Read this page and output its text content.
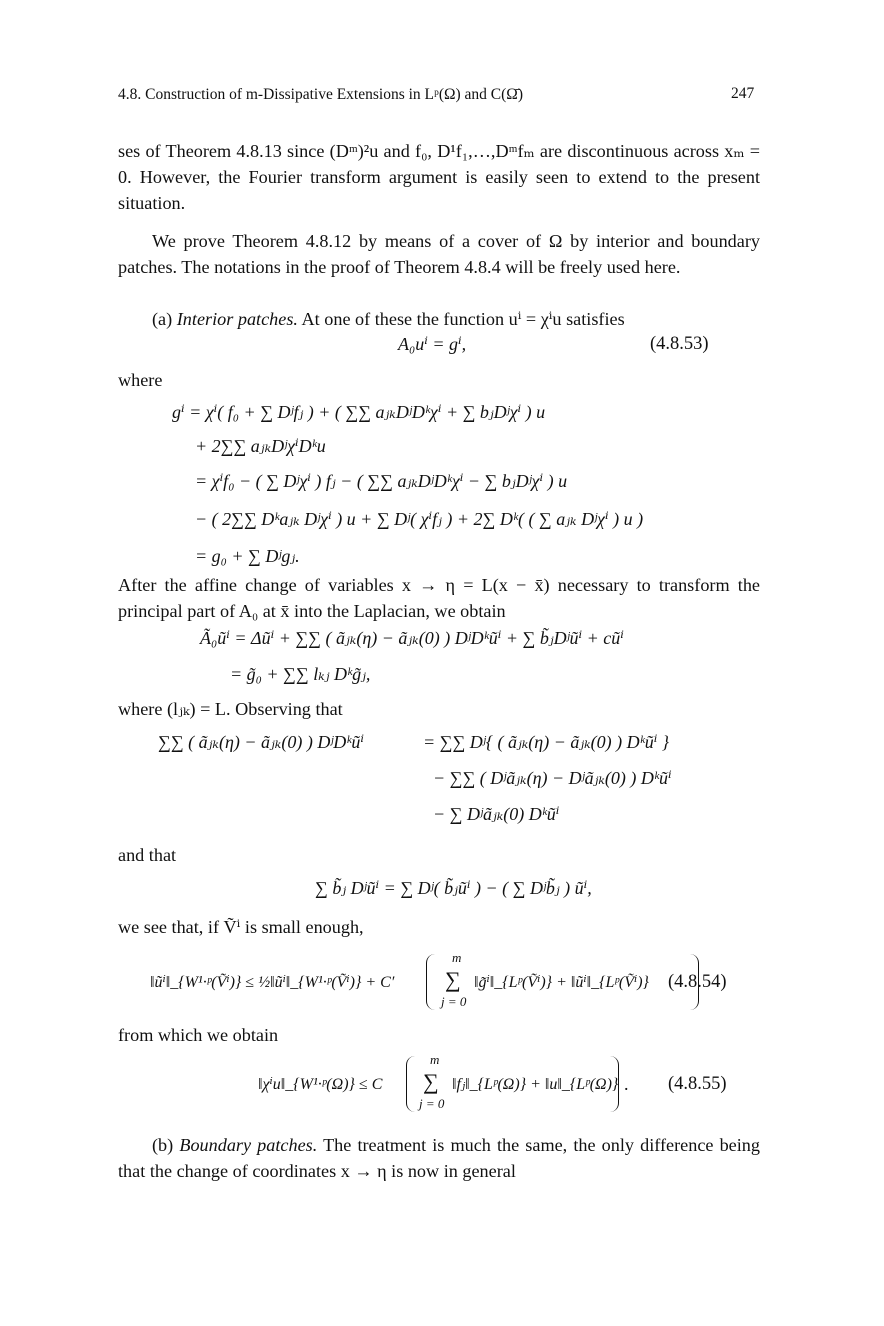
4.8. Construction of m-Dissipative Extensions in Lᵖ(Ω) and C(Ω̄)	247
ses of Theorem 4.8.13 since (Dᵐ)²u and f₀, D¹f₁,…,Dᵐfₘ are discontinuous across xₘ = 0. However, the Fourier transform argument is easily seen to extend to the present situation.
We prove Theorem 4.8.12 by means of a cover of Ω by interior and boundary patches. The notations in the proof of Theorem 4.8.4 will be freely used here.
(a) Interior patches. At one of these the function uⁱ = χⁱu satisfies
A₀uⁱ = gⁱ,	(4.8.53)
where
gⁱ = χⁱ( f₀ + ∑ Dʲfⱼ ) + ( ∑∑ aⱼₖDʲDᵏχⁱ + ∑ bⱼDʲχⁱ ) u
+ 2∑∑ aⱼₖDʲχⁱDᵏu
= χⁱf₀ − ( ∑ Dʲχⁱ ) fⱼ − ( ∑∑ aⱼₖDʲDᵏχⁱ − ∑ bⱼDʲχⁱ ) u
− ( 2∑∑ Dᵏaⱼₖ Dʲχⁱ ) u + ∑ Dʲ( χⁱfⱼ ) + 2∑ Dᵏ( ( ∑ aⱼₖ Dʲχⁱ ) u )
= g₀ + ∑ Dʲgⱼ.
After the affine change of variables x → η = L(x − x̄) necessary to transform the principal part of A₀ at x̄ into the Laplacian, we obtain
Ã₀ũⁱ = Δũⁱ + ∑∑ ( ãⱼₖ(η) − ãⱼₖ(0) ) DʲDᵏũⁱ + ∑ b̃ⱼDʲũⁱ + cũⁱ
= g̃₀ + ∑∑ lₖⱼ Dᵏg̃ⱼ,
where (lⱼₖ) = L. Observing that
∑∑ ( ãⱼₖ(η) − ãⱼₖ(0) ) DʲDᵏũⁱ	= ∑∑ Dʲ{ ( ãⱼₖ(η) − ãⱼₖ(0) ) Dᵏũⁱ }
− ∑∑ ( Dʲãⱼₖ(η) − Dʲãⱼₖ(0) ) Dᵏũⁱ
− ∑ Dʲãⱼₖ(0) Dᵏũⁱ
and that
∑ b̃ⱼ Dʲũⁱ = ∑ Dʲ( b̃ⱼũⁱ ) − ( ∑ Dʲb̃ⱼ ) ũⁱ,
we see that, if Ṽⁱ is small enough,
‖ũⁱ‖_{W¹·ᵖ(Ṽⁱ)} ≤ ½‖ũⁱ‖_{W¹·ᵖ(Ṽⁱ)} + C′
m
∑
j = 0
‖g̃ⁱ‖_{Lᵖ(Ṽⁱ)} + ‖ũⁱ‖_{Lᵖ(Ṽⁱ)} (4.8.54)
from which we obtain
‖χⁱu‖_{W¹·ᵖ(Ω)} ≤ C
m
∑
j = 0
‖fⱼ‖_{Lᵖ(Ω)} + ‖u‖_{Lᵖ(Ω)} . (4.8.55)
(b) Boundary patches. The treatment is much the same, the only difference being that the change of coordinates x → η is now in general
